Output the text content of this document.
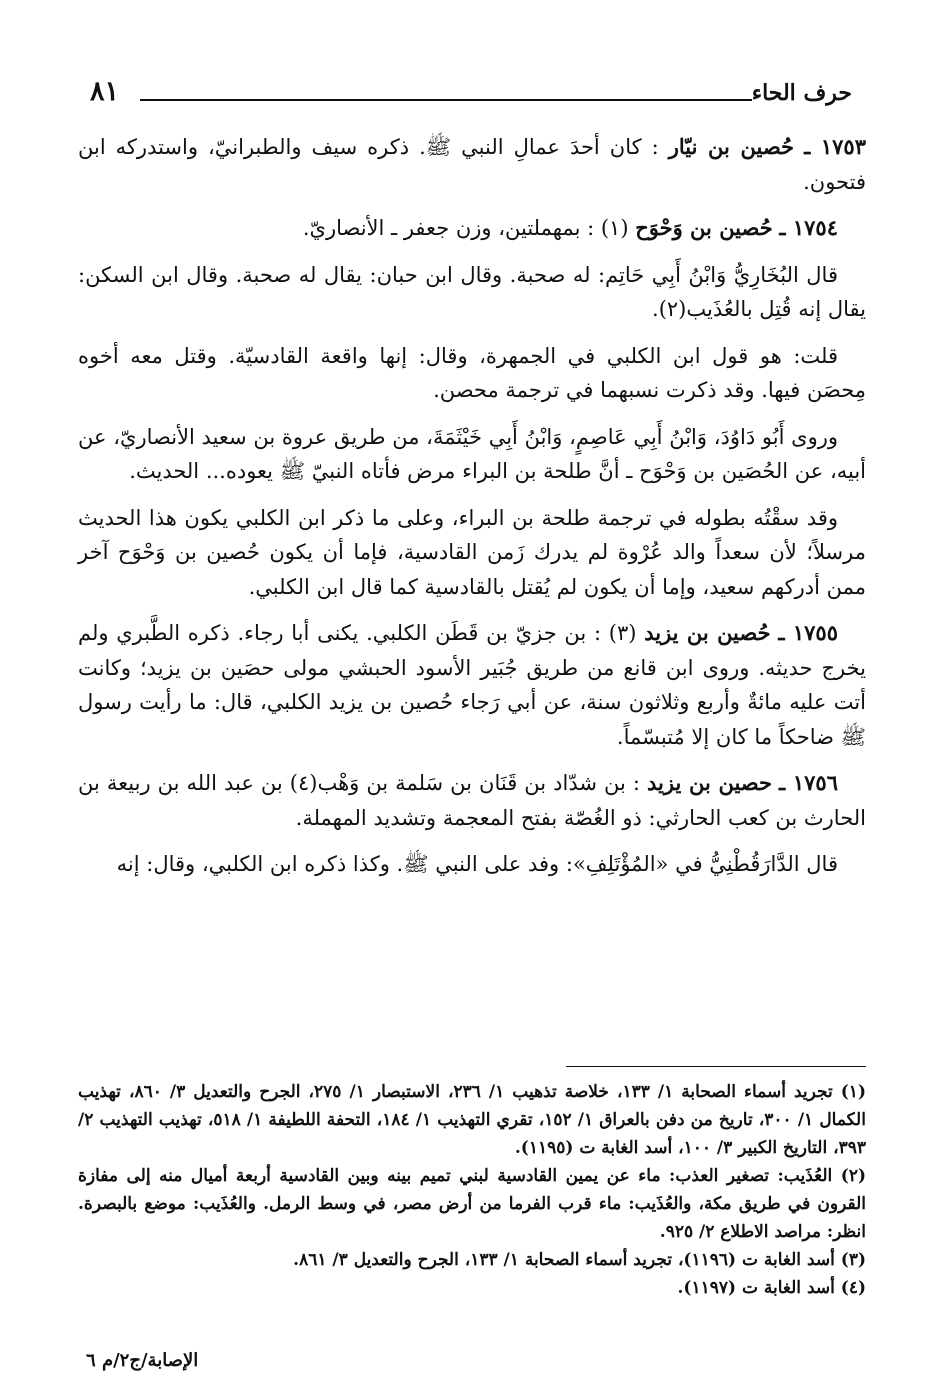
حرف الحاء
٨١

١٧٥٣ ـ حُصين بن نيّار : كان أحدَ عمالِ النبي ﷺ. ذكره سيف والطبرانيّ، واستدركه ابن فتحون.

١٧٥٤ ـ حُصين بن وَحْوَح (١) : بمهملتين، وزن جعفر ـ الأنصاريّ.

قال البُخَارِيُّ وَابْنُ أَبِي حَاتِم: له صحبة. وقال ابن حبان: يقال له صحبة. وقال ابن السكن: يقال إنه قُتِل بالعُذَيب(٢).

قلت: هو قول ابن الكلبي في الجمهرة، وقال: إنها واقعة القادسيّة. وقتل معه أخوه مِحصَن فيها. وقد ذكرت نسبهما في ترجمة محصن.

وروى أَبُو دَاوُدَ، وَابْنُ أَبِي عَاصِمٍ، وَابْنُ أَبِي خَيْثَمَةَ، من طريق عروة بن سعيد الأنصاريّ، عن أبيه، عن الحُصَين بن وَحْوَح ـ أنَّ طلحة بن البراء مرض فأتاه النبيّ ﷺ يعوده... الحديث.

وقد سقْتُه بطوله في ترجمة طلحة بن البراء، وعلى ما ذكر ابن الكلبي يكون هذا الحديث مرسلاً؛ لأن سعداً والد عُرْوة لم يدرك زَمن القادسية، فإما أن يكون حُصين بن وَحْوَح آخر ممن أدركهم سعيد، وإما أن يكون لم يُقتل بالقادسية كما قال ابن الكلبي.

١٧٥٥ ـ حُصين بن يزيد (٣) : بن جزيّ بن قَطَن الكلبي. يكنى أبا رجاء. ذكره الطَّبري ولم يخرج حديثه. وروى ابن قانع من طريق جُبَير الأسود الحبشي مولى حصَين بن يزيد؛ وكانت أتت عليه مائةٌ وأربع وثلاثون سنة، عن أبي رَجاء حُصين بن يزيد الكلبي، قال: ما رأيت رسول ﷺ ضاحكاً ما كان إلا مُتبسّماً.

١٧٥٦ ـ حصين بن يزيد : بن شدّاد بن قَنَان بن سَلمة بن وَهْب(٤) بن عبد الله بن ربيعة بن الحارث بن كعب الحارثي: ذو الغُصّة بفتح المعجمة وتشديد المهملة.

قال الدَّارَقُطْنِيُّ في «المُؤْتَلِفِ»: وفد على النبي ﷺ. وكذا ذكره ابن الكلبي، وقال: إنه

(١) تجريد أسماء الصحابة ١/ ١٣٣، خلاصة تذهيب ١/ ٢٣٦، الاستبصار ١/ ٢٧٥، الجرح والتعديل ٣/ ٨٦٠، تهذيب الكمال ١/ ٣٠٠، تاريخ من دفن بالعراق ١/ ١٥٢، تقري التهذيب ١/ ١٨٤، التحفة اللطيفة ١/ ٥١٨، تهذيب التهذيب ٢/ ٣٩٣، التاريخ الكبير ٣/ ١٠٠، أسد الغابة ت (١١٩٥).

(٢) العُذَيب: تصغير العذب: ماء عن يمين القادسية لبني تميم بينه وبين القادسية أربعة أميال منه إلى مفازة القرون في طريق مكة، والعُذَيب: ماء قرب الفرما من أرض مصر، في وسط الرمل. والعُذَيب: موضع بالبصرة. انظر: مراصد الاطلاع ٢/ ٩٢٥.

(٣) أسد الغابة ت (١١٩٦)، تجريد أسماء الصحابة ١/ ١٣٣، الجرح والتعديل ٣/ ٨٦١.

(٤) أسد الغابة ت (١١٩٧).

الإصابة/ج٢/م ٦
